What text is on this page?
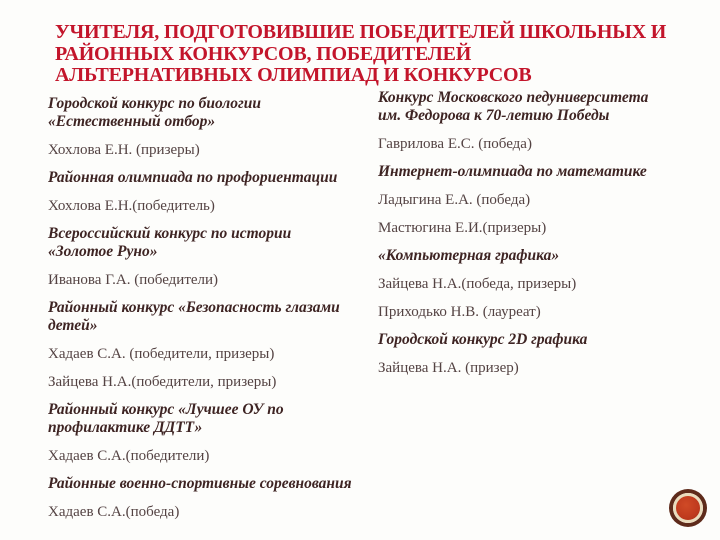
УЧИТЕЛЯ, ПОДГОТОВИВШИЕ ПОБЕДИТЕЛЕЙ ШКОЛЬНЫХ И РАЙОННЫХ КОНКУРСОВ, ПОБЕДИТЕЛЕЙ АЛЬТЕРНАТИВНЫХ ОЛИМПИАД И КОНКУРСОВ

Городской конкурс по биологии «Естественный отбор»

Хохлова Е.Н. (призеры)

Районная олимпиада по профориентации

Хохлова Е.Н.(победитель)

Всероссийский конкурс по истории «Золотое Руно»

Иванова Г.А. (победители)

Районный конкурс «Безопасность глазами детей»

Хадаев С.А. (победители, призеры)

Зайцева Н.А.(победители, призеры)

Районный конкурс «Лучшее ОУ по профилактике ДДТТ»

Хадаев С.А.(победители)

Районные военно-спортивные соревнования

Хадаев С.А.(победа)

Конкурс Московского педуниверситета им. Федорова к 70-летию Победы

Гаврилова Е.С. (победа)

Интернет-олимпиада по математике

Ладыгина Е.А. (победа)

Мастюгина Е.И.(призеры)

«Компьютерная графика»

Зайцева Н.А.(победа, призеры)

Приходько Н.В. (лауреат)

Городской конкурс 2D графика

Зайцева Н.А. (призер)
